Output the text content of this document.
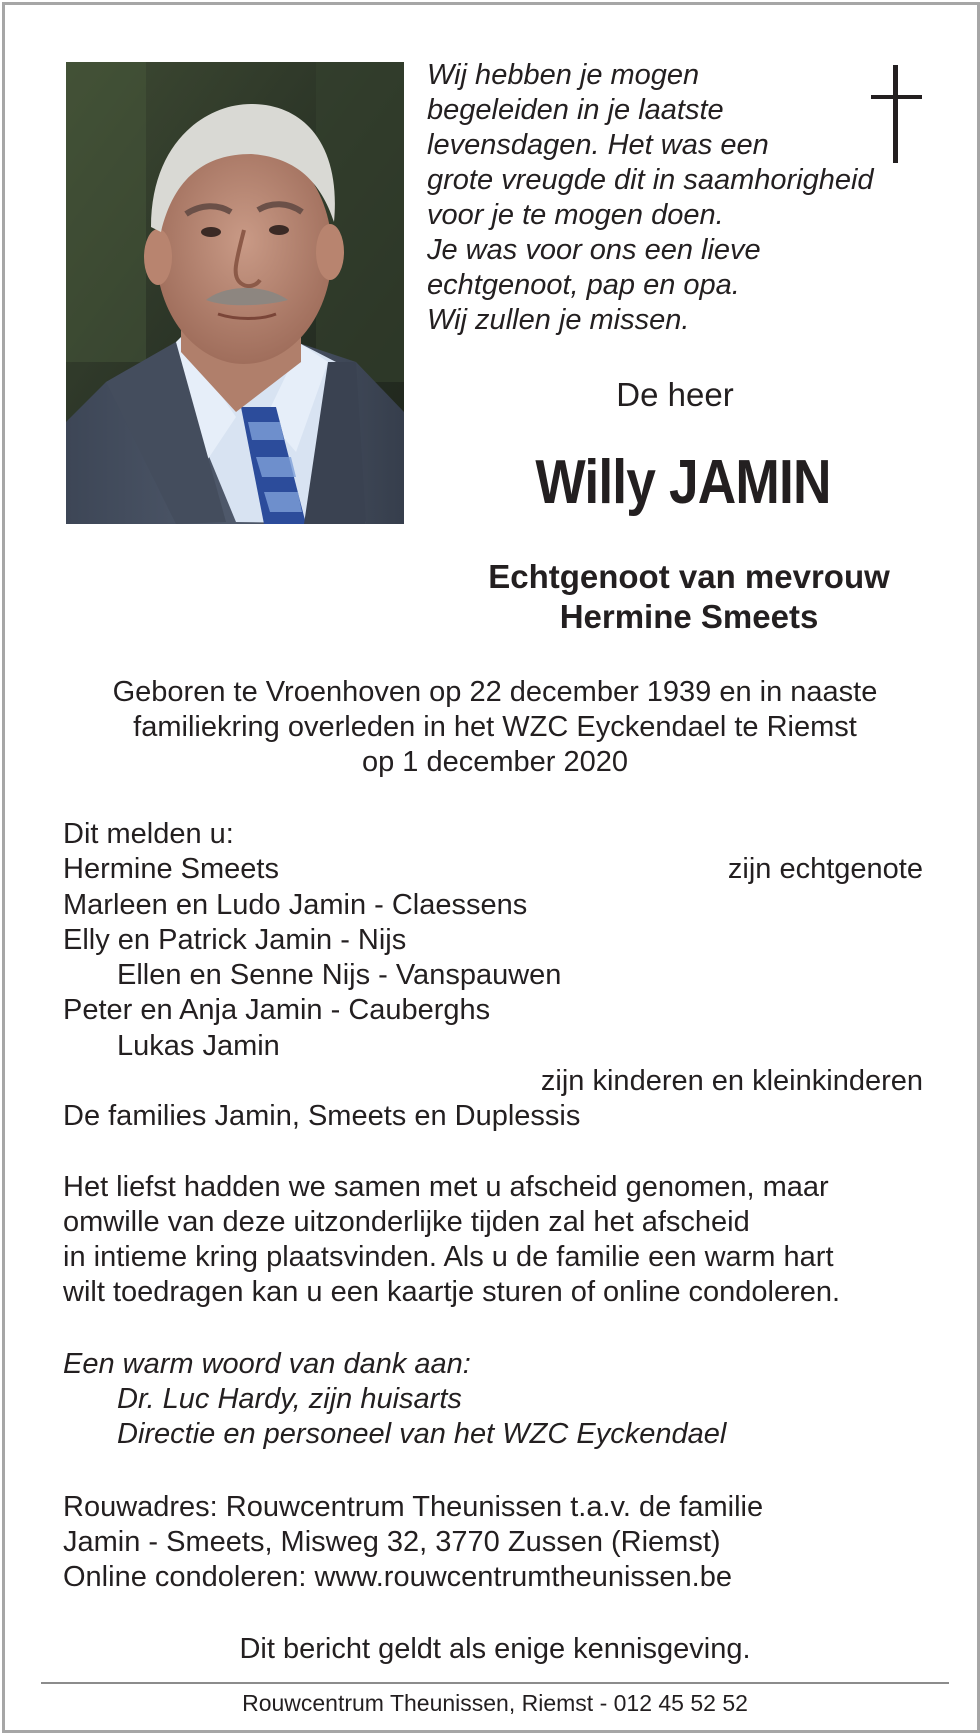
Wij hebben je mogen
begeleiden in je laatste
levensdagen. Het was een
grote vreugde dit in saamhorigheid
voor je te mogen doen.
Je was voor ons een lieve
echtgenoot, pap en opa.
Wij zullen je missen.
De heer
Willy JAMIN
Echtgenoot van mevrouw
Hermine Smeets
Geboren te Vroenhoven op 22 december 1939 en in naaste
familiekring overleden in het WZC Eyckendael te Riemst
op 1 december 2020
Dit melden u:
Hermine Smeets	zijn echtgenote
Marleen en Ludo Jamin - Claessens
Elly en Patrick Jamin - Nijs
Ellen en Senne Nijs - Vanspauwen
Peter en Anja Jamin - Cauberghs
Lukas Jamin
zijn kinderen en kleinkinderen
De families Jamin, Smeets en Duplessis
Het liefst hadden we samen met u afscheid genomen, maar
omwille van deze uitzonderlijke tijden zal het afscheid
in intieme kring plaatsvinden. Als u de familie een warm hart
wilt toedragen kan u een kaartje sturen of online condoleren.
Een warm woord van dank aan:
Dr. Luc Hardy, zijn huisarts
Directie en personeel van het WZC Eyckendael
Rouwadres: Rouwcentrum Theunissen t.a.v. de familie
Jamin - Smeets, Misweg 32, 3770 Zussen (Riemst)
Online condoleren: www.rouwcentrumtheunissen.be
Dit bericht geldt als enige kennisgeving.
Rouwcentrum Theunissen, Riemst - 012 45 52 52
